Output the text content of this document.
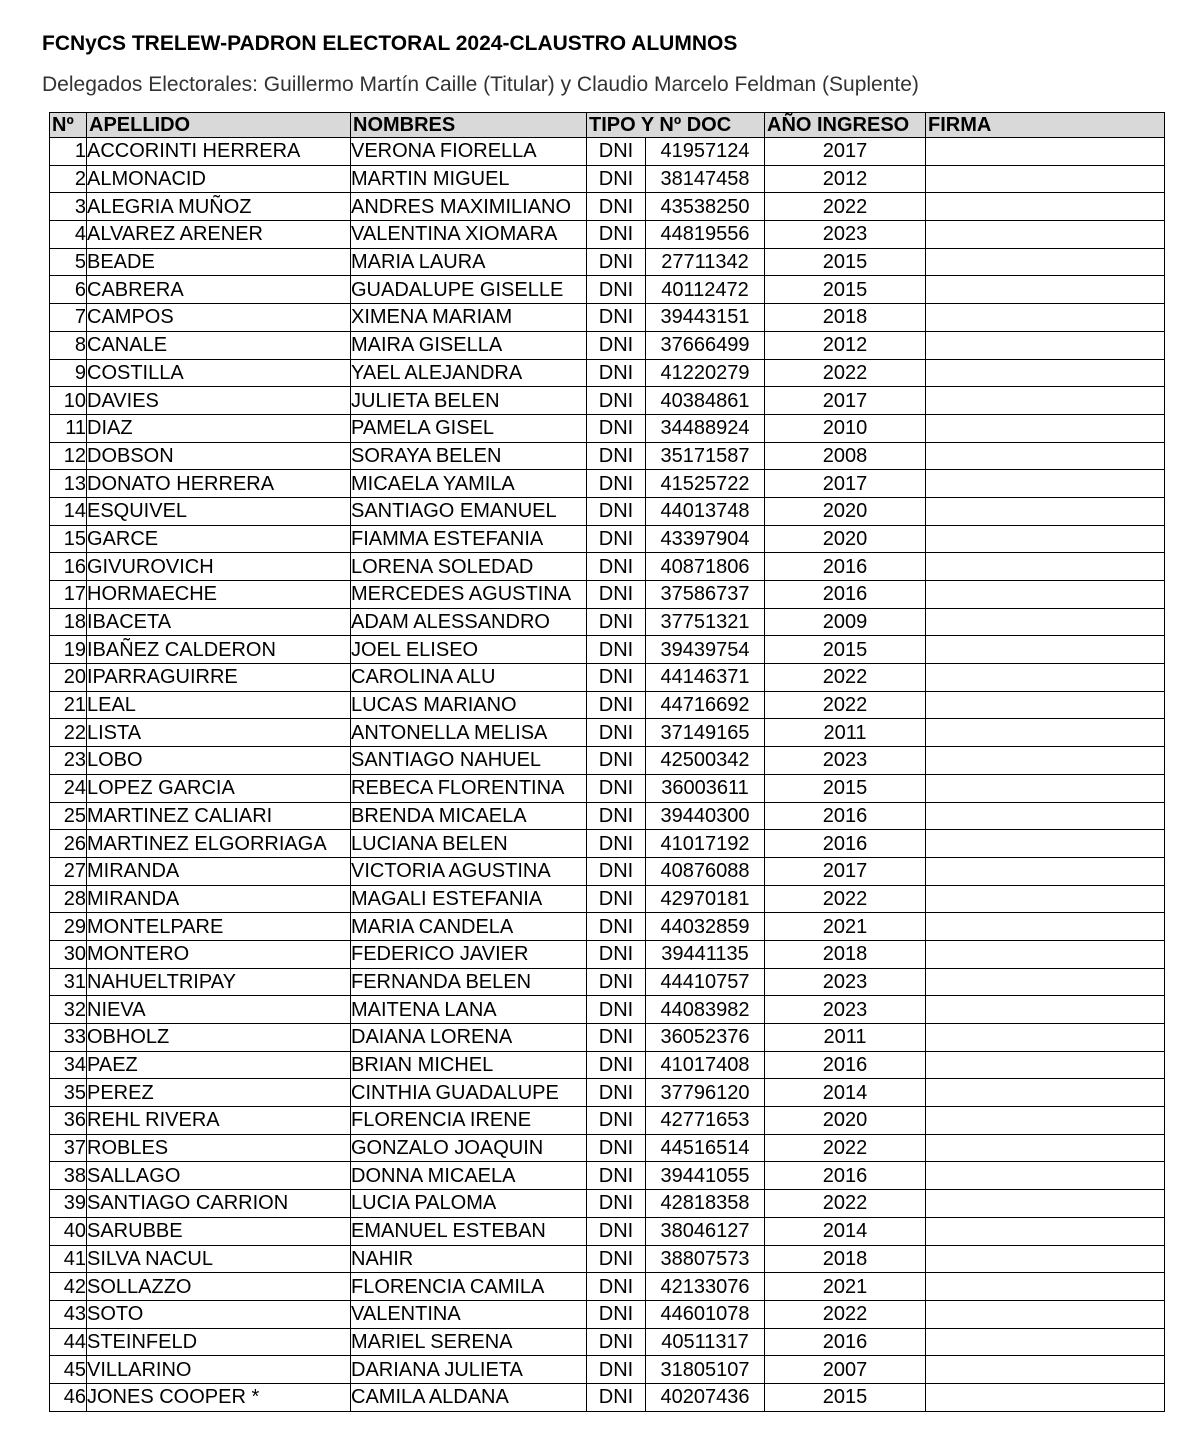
FCNyCS TRELEW-PADRON ELECTORAL 2024-CLAUSTRO ALUMNOS
Delegados Electorales: Guillermo Martín Caille (Titular) y Claudio Marcelo Feldman (Suplente)
Nº	APELLIDO	NOMBRES	TIPO Y Nº DOC		AÑO INGRESO	FIRMA
1	ACCORINTI HERRERA	VERONA FIORELLA	DNI	41957124	2017	
2	ALMONACID	MARTIN MIGUEL	DNI	38147458	2012	
3	ALEGRIA MUÑOZ	ANDRES MAXIMILIANO	DNI	43538250	2022	
4	ALVAREZ ARENER	VALENTINA XIOMARA	DNI	44819556	2023	
5	BEADE	MARIA LAURA	DNI	27711342	2015	
6	CABRERA	GUADALUPE GISELLE	DNI	40112472	2015	
7	CAMPOS	XIMENA MARIAM	DNI	39443151	2018	
8	CANALE	MAIRA GISELLA	DNI	37666499	2012	
9	COSTILLA	YAEL ALEJANDRA	DNI	41220279	2022	
10	DAVIES	JULIETA BELEN	DNI	40384861	2017	
11	DIAZ	PAMELA GISEL	DNI	34488924	2010	
12	DOBSON	SORAYA BELEN	DNI	35171587	2008	
13	DONATO HERRERA	MICAELA YAMILA	DNI	41525722	2017	
14	ESQUIVEL	SANTIAGO EMANUEL	DNI	44013748	2020	
15	GARCE	FIAMMA ESTEFANIA	DNI	43397904	2020	
16	GIVUROVICH	LORENA SOLEDAD	DNI	40871806	2016	
17	HORMAECHE	MERCEDES AGUSTINA	DNI	37586737	2016	
18	IBACETA	ADAM ALESSANDRO	DNI	37751321	2009	
19	IBAÑEZ CALDERON	JOEL ELISEO	DNI	39439754	2015	
20	IPARRAGUIRRE	CAROLINA ALU	DNI	44146371	2022	
21	LEAL	LUCAS MARIANO	DNI	44716692	2022	
22	LISTA	ANTONELLA MELISA	DNI	37149165	2011	
23	LOBO	SANTIAGO NAHUEL	DNI	42500342	2023	
24	LOPEZ GARCIA	REBECA FLORENTINA	DNI	36003611	2015	
25	MARTINEZ CALIARI	BRENDA MICAELA	DNI	39440300	2016	
26	MARTINEZ ELGORRIAGA	LUCIANA BELEN	DNI	41017192	2016	
27	MIRANDA	VICTORIA AGUSTINA	DNI	40876088	2017	
28	MIRANDA	MAGALI ESTEFANIA	DNI	42970181	2022	
29	MONTELPARE	MARIA CANDELA	DNI	44032859	2021	
30	MONTERO	FEDERICO JAVIER	DNI	39441135	2018	
31	NAHUELTRIPAY	FERNANDA BELEN	DNI	44410757	2023	
32	NIEVA	MAITENA LANA	DNI	44083982	2023	
33	OBHOLZ	DAIANA LORENA	DNI	36052376	2011	
34	PAEZ	BRIAN MICHEL	DNI	41017408	2016	
35	PEREZ	CINTHIA GUADALUPE	DNI	37796120	2014	
36	REHL RIVERA	FLORENCIA IRENE	DNI	42771653	2020	
37	ROBLES	GONZALO JOAQUIN	DNI	44516514	2022	
38	SALLAGO	DONNA MICAELA	DNI	39441055	2016	
39	SANTIAGO CARRION	LUCIA PALOMA	DNI	42818358	2022	
40	SARUBBE	EMANUEL ESTEBAN	DNI	38046127	2014	
41	SILVA NACUL	NAHIR	DNI	38807573	2018	
42	SOLLAZZO	FLORENCIA CAMILA	DNI	42133076	2021	
43	SOTO	VALENTINA	DNI	44601078	2022	
44	STEINFELD	MARIEL SERENA	DNI	40511317	2016	
45	VILLARINO	DARIANA JULIETA	DNI	31805107	2007	
46	JONES COOPER *	CAMILA ALDANA	DNI	40207436	2015	
